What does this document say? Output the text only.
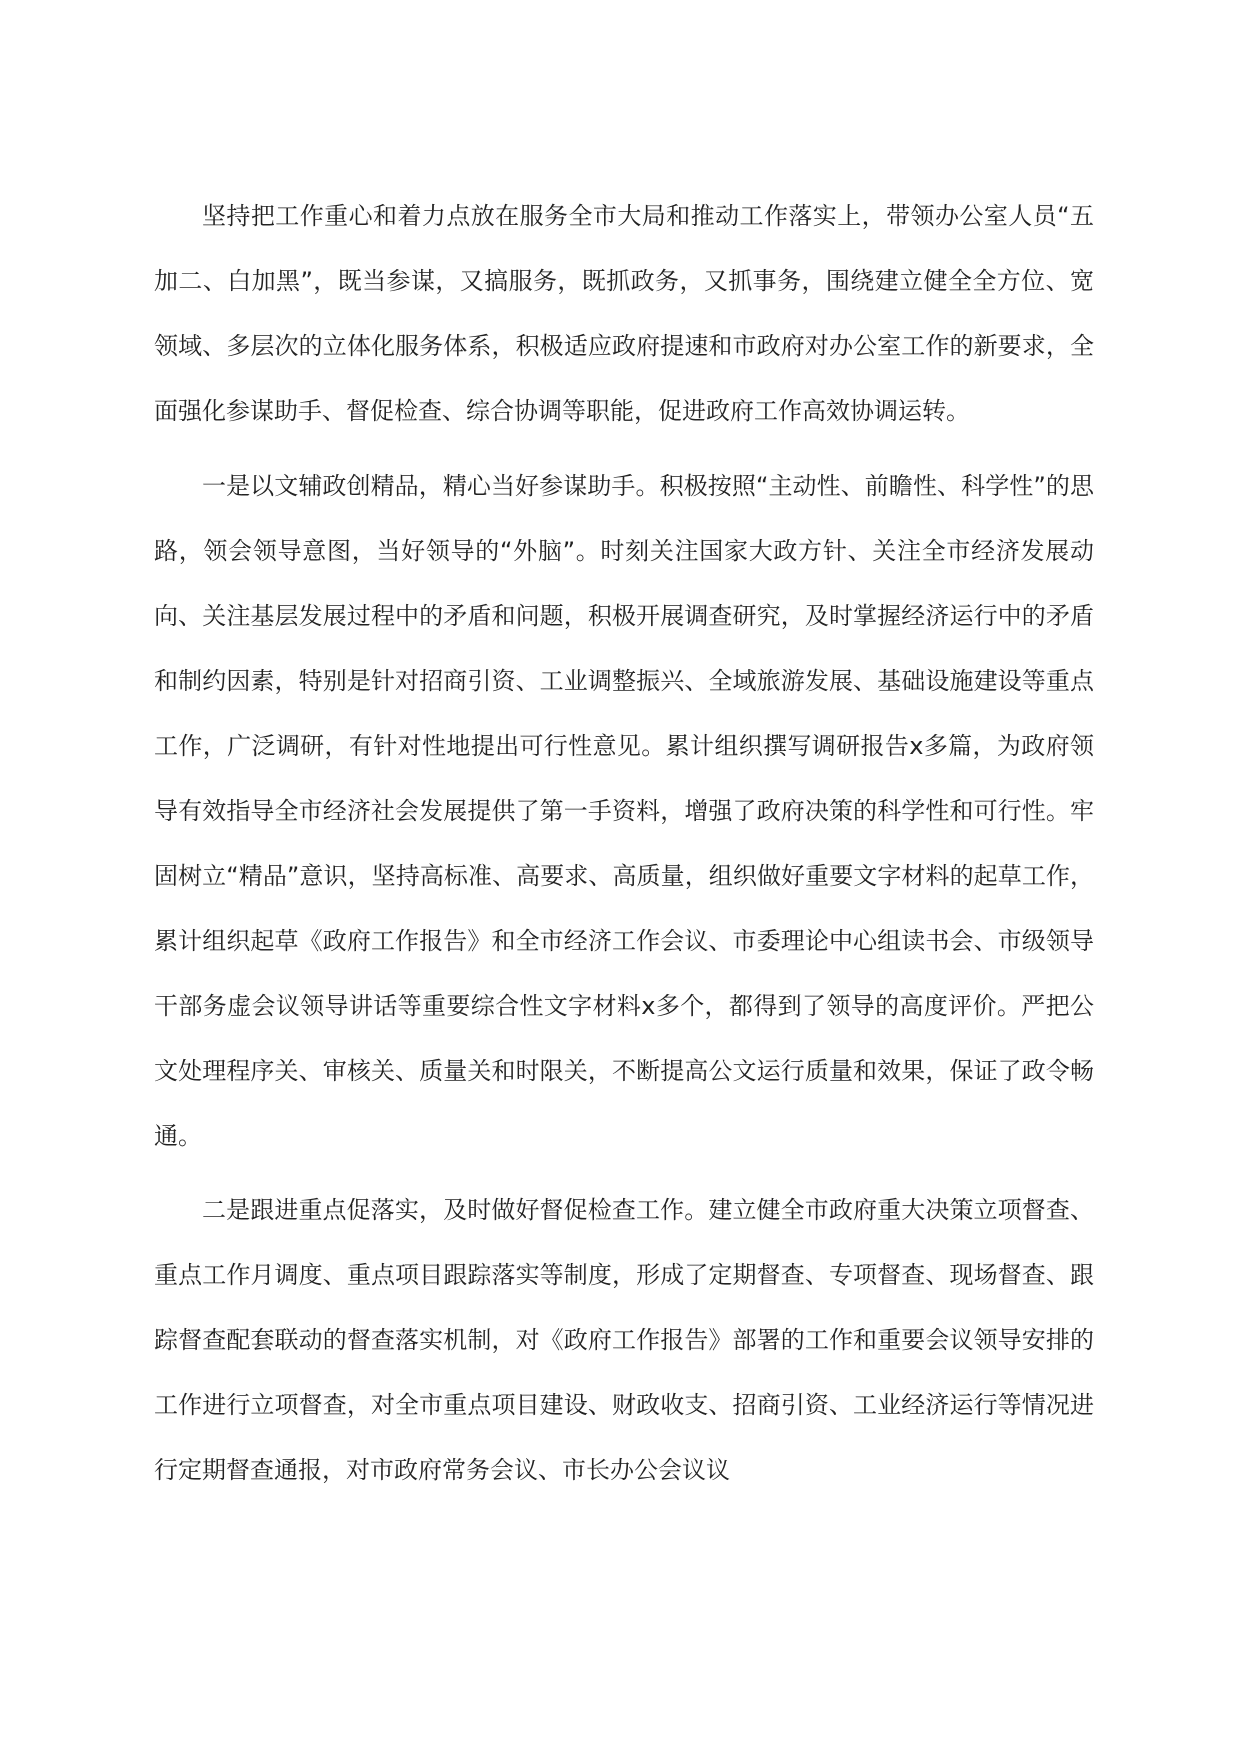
坚持把工作重心和着力点放在服务全市大局和推动工作落实上，带领办公室人员“五加二、白加黑”，既当参谋，又搞服务，既抓政务，又抓事务，围绕建立健全全方位、宽领域、多层次的立体化服务体系，积极适应政府提速和市政府对办公室工作的新要求，全面强化参谋助手、督促检查、综合协调等职能，促进政府工作高效协调运转。

一是以文辅政创精品，精心当好参谋助手。积极按照“主动性、前瞻性、科学性”的思路，领会领导意图，当好领导的“外脑”。时刻关注国家大政方针、关注全市经济发展动向、关注基层发展过程中的矛盾和问题，积极开展调查研究，及时掌握经济运行中的矛盾和制约因素，特别是针对招商引资、工业调整振兴、全域旅游发展、基础设施建设等重点工作，广泛调研，有针对性地提出可行性意见。累计组织撰写调研报告x多篇，为政府领导有效指导全市经济社会发展提供了第一手资料，增强了政府决策的科学性和可行性。牢固树立“精品”意识，坚持高标准、高要求、高质量，组织做好重要文字材料的起草工作，累计组织起草《政府工作报告》和全市经济工作会议、市委理论中心组读书会、市级领导干部务虚会议领导讲话等重要综合性文字材料x多个，都得到了领导的高度评价。严把公文处理程序关、审核关、质量关和时限关，不断提高公文运行质量和效果，保证了政令畅通。

二是跟进重点促落实，及时做好督促检查工作。建立健全市政府重大决策立项督查、重点工作月调度、重点项目跟踪落实等制度，形成了定期督查、专项督查、现场督查、跟踪督查配套联动的督查落实机制，对《政府工作报告》部署的工作和重要会议领导安排的工作进行立项督查，对全市重点项目建设、财政收支、招商引资、工业经济运行等情况进行定期督查通报，对市政府常务会议、市长办公会议议
